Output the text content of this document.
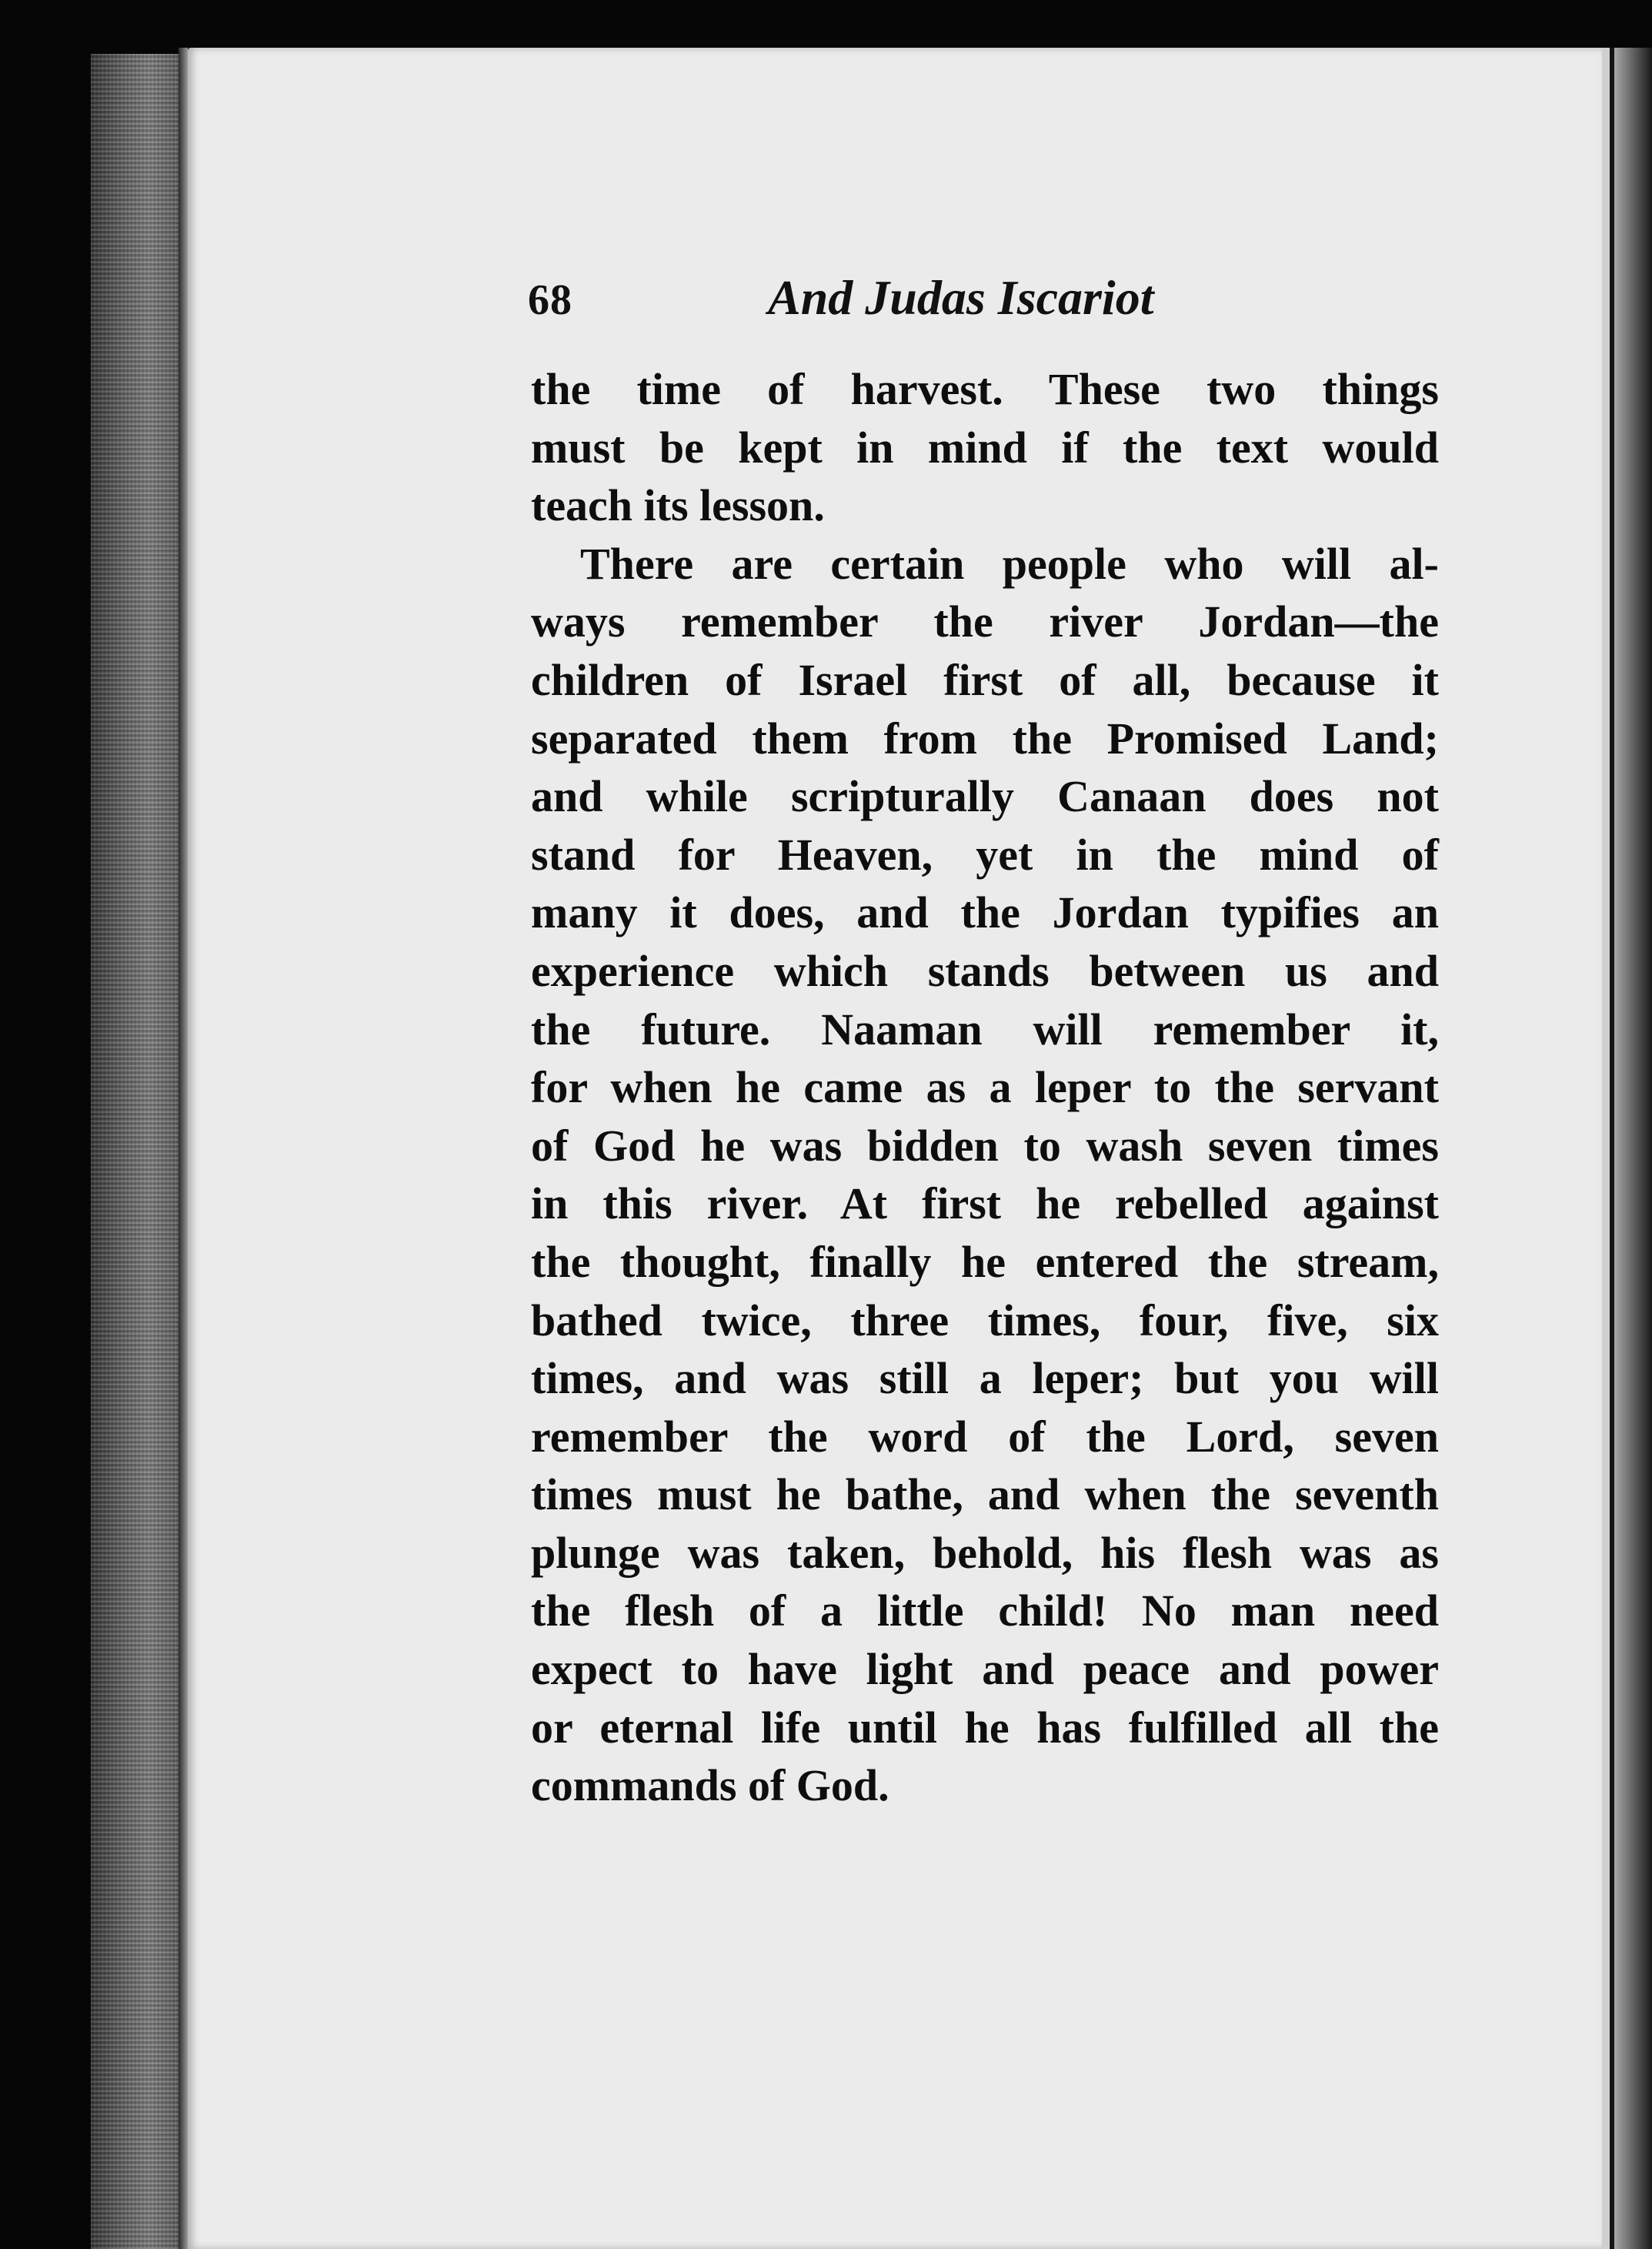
68	And Judas Iscariot
the time of harvest. These two things
must be kept in mind if the text would
teach its lesson.
There are certain people who will al-
ways remember the river Jordan—the
children of Israel first of all, because it
separated them from the Promised Land;
and while scripturally Canaan does not
stand for Heaven, yet in the mind of
many it does, and the Jordan typifies an
experience which stands between us and
the future. Naaman will remember it,
for when he came as a leper to the servant
of God he was bidden to wash seven times
in this river. At first he rebelled against
the thought, finally he entered the stream,
bathed twice, three times, four, five, six
times, and was still a leper; but you will
remember the word of the Lord, seven
times must he bathe, and when the seventh
plunge was taken, behold, his flesh was as
the flesh of a little child! No man need
expect to have light and peace and power
or eternal life until he has fulfilled all the
commands of God.
